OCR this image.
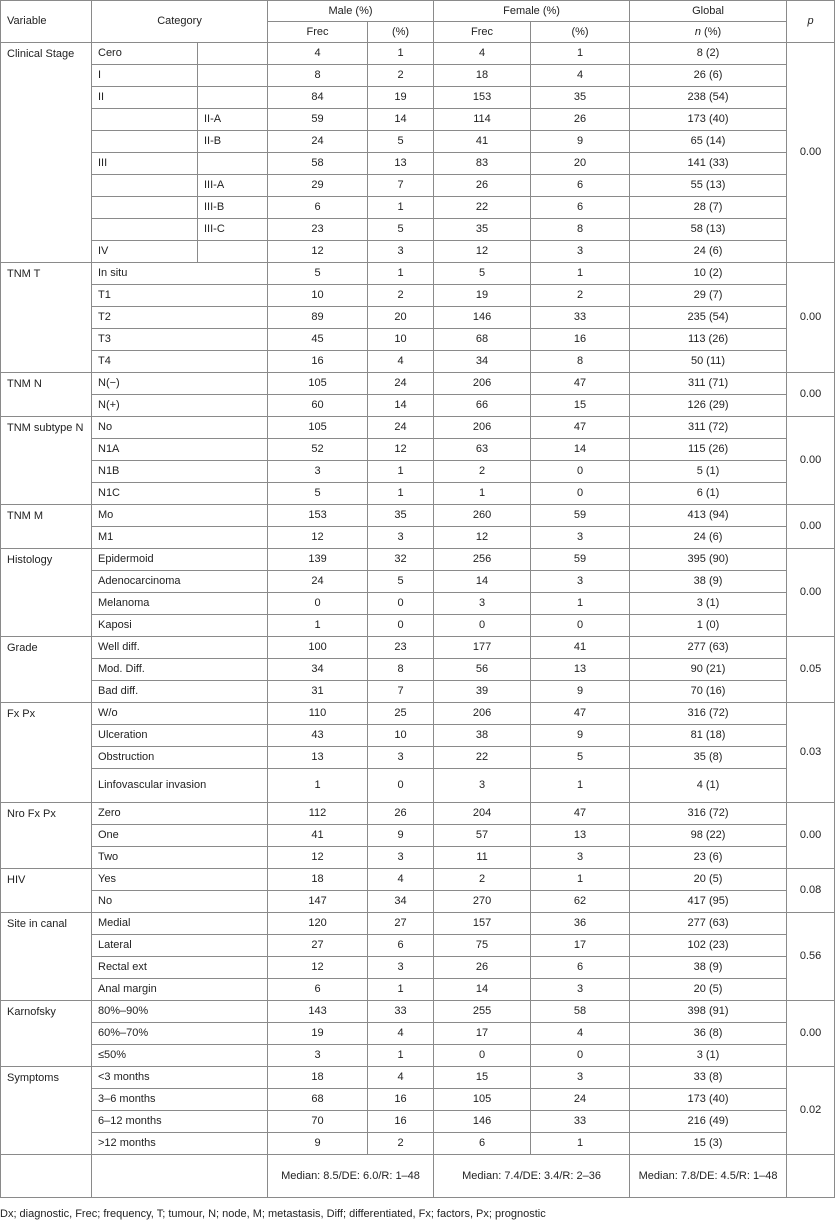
Variable	Category		Male (%)		Female (%)		Global	p
			Frec	(%)	Frec	(%)	n (%)	
Clinical Stage	Cero		4	1	4	1	8 (2)	0.00
	I		8	2	18	4	26 (6)	
	II		84	19	153	35	238 (54)	
		II-A	59	14	114	26	173 (40)	
		II-B	24	5	41	9	65 (14)	
	III		58	13	83	20	141 (33)	
		III-A	29	7	26	6	55 (13)	
		III-B	6	1	22	6	28 (7)	
		III-C	23	5	35	8	58 (13)	
	IV		12	3	12	3	24 (6)	
TNM T	In situ		5	1	5	1	10 (2)	0.00
	T1		10	2	19	2	29 (7)	
	T2		89	20	146	33	235 (54)	
	T3		45	10	68	16	113 (26)	
	T4		16	4	34	8	50 (11)	
TNM N	N(−)		105	24	206	47	311 (71)	0.00
	N(+)		60	14	66	15	126 (29)	
TNM subtype N	No		105	24	206	47	311 (72)	0.00
	N1A		52	12	63	14	115 (26)	
	N1B		3	1	2	0	5 (1)	
	N1C		5	1	1	0	6 (1)	
TNM M	Mo		153	35	260	59	413 (94)	0.00
	M1		12	3	12	3	24 (6)	
Histology	Epidermoid		139	32	256	59	395 (90)	0.00
	Adenocarcinoma		24	5	14	3	38 (9)	
	Melanoma		0	0	3	1	3 (1)	
	Kaposi		1	0	0	0	1 (0)	
Grade	Well diff.		100	23	177	41	277 (63)	0.05
	Mod. Diff.		34	8	56	13	90 (21)	
	Bad diff.		31	7	39	9	70 (16)	
Fx Px	W/o		110	25	206	47	316 (72)	0.03
	Ulceration		43	10	38	9	81 (18)	
	Obstruction		13	3	22	5	35 (8)	
	Linfovascular invasion		1	0	3	1	4 (1)	
Nro Fx Px	Zero		112	26	204	47	316 (72)	0.00
	One		41	9	57	13	98 (22)	
	Two		12	3	11	3	23 (6)	
HIV	Yes		18	4	2	1	20 (5)	0.08
	No		147	34	270	62	417 (95)	
Site in canal	Medial		120	27	157	36	277 (63)	0.56
	Lateral		27	6	75	17	102 (23)	
	Rectal ext		12	3	26	6	38 (9)	
	Anal margin		6	1	14	3	20 (5)	
Karnofsky	80%–90%		143	33	255	58	398 (91)	0.00
	60%–70%		19	4	17	4	36 (8)	
	≤50%		3	1	0	0	3 (1)	
Symptoms	<3 months		18	4	15	3	33 (8)	0.02
	3–6 months		68	16	105	24	173 (40)	
	6–12 months		70	16	146	33	216 (49)	
	>12 months		9	2	6	1	15 (3)	
			Median: 8.5/DE: 6.0/R: 1–48		Median: 7.4/DE: 3.4/R: 2–36		Median: 7.8/DE: 4.5/R: 1–48	
Dx; diagnostic, Frec; frequency, T; tumour, N; node, M; metastasis, Diff; differentiated, Fx; factors, Px; prognostic
